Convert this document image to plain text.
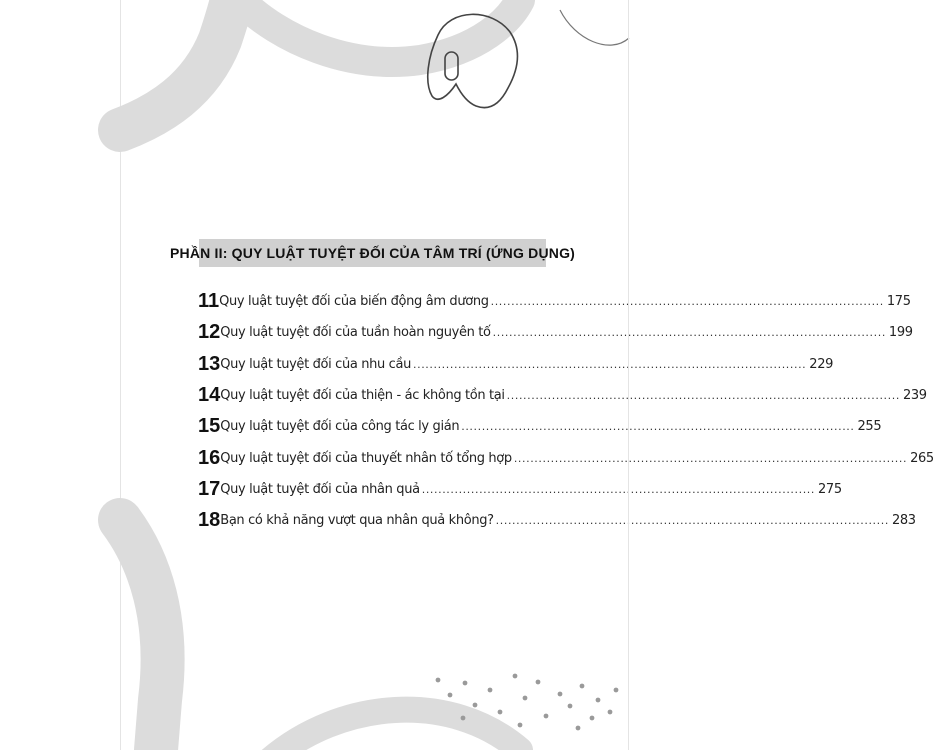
PHẦN II: QUY LUẬT TUYỆT ĐỐI CỦA TÂM TRÍ (ỨNG DỤNG)
11 Quy luật tuyệt đối của biến động âm dương .....	175
12 Quy luật tuyệt đối của tuần hoàn nguyên tố .....	199
13 Quy luật tuyệt đối của nhu cầu .....	229
14 Quy luật tuyệt đối của thiện - ác không tồn tại .....	239
15 Quy luật tuyệt đối của công tác ly gián .....	255
16 Quy luật tuyệt đối của thuyết nhân tố tổng hợp .....	265
17 Quy luật tuyệt đối của nhân quả .....	275
18 Bạn có khả năng vượt qua nhân quả không? .....	283
